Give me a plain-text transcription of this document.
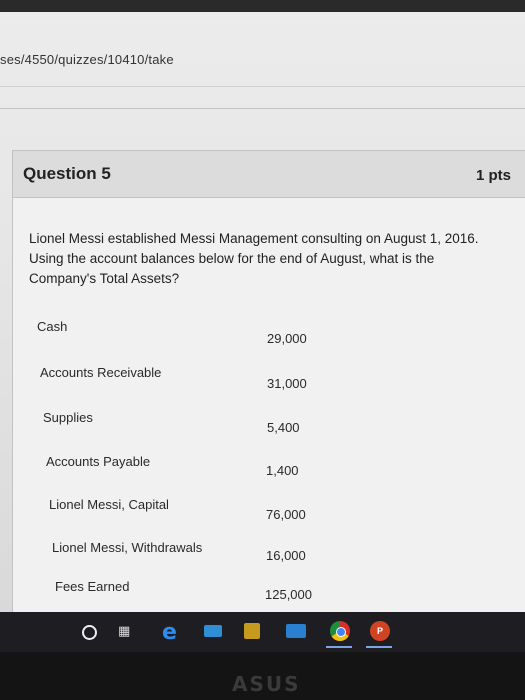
ses/4550/quizzes/10410/take
Question 5	1 pts
Lionel Messi established Messi Management consulting on August 1, 2016. Using the account balances below for the end of August, what is the Company's Total Assets?
Cash
29,000
Accounts Receivable
31,000
Supplies
5,400
Accounts Payable
1,400
Lionel Messi, Capital
76,000
Lionel Messi, Withdrawals
16,000
Fees Earned
125,000
▦ e	P
ASUS
